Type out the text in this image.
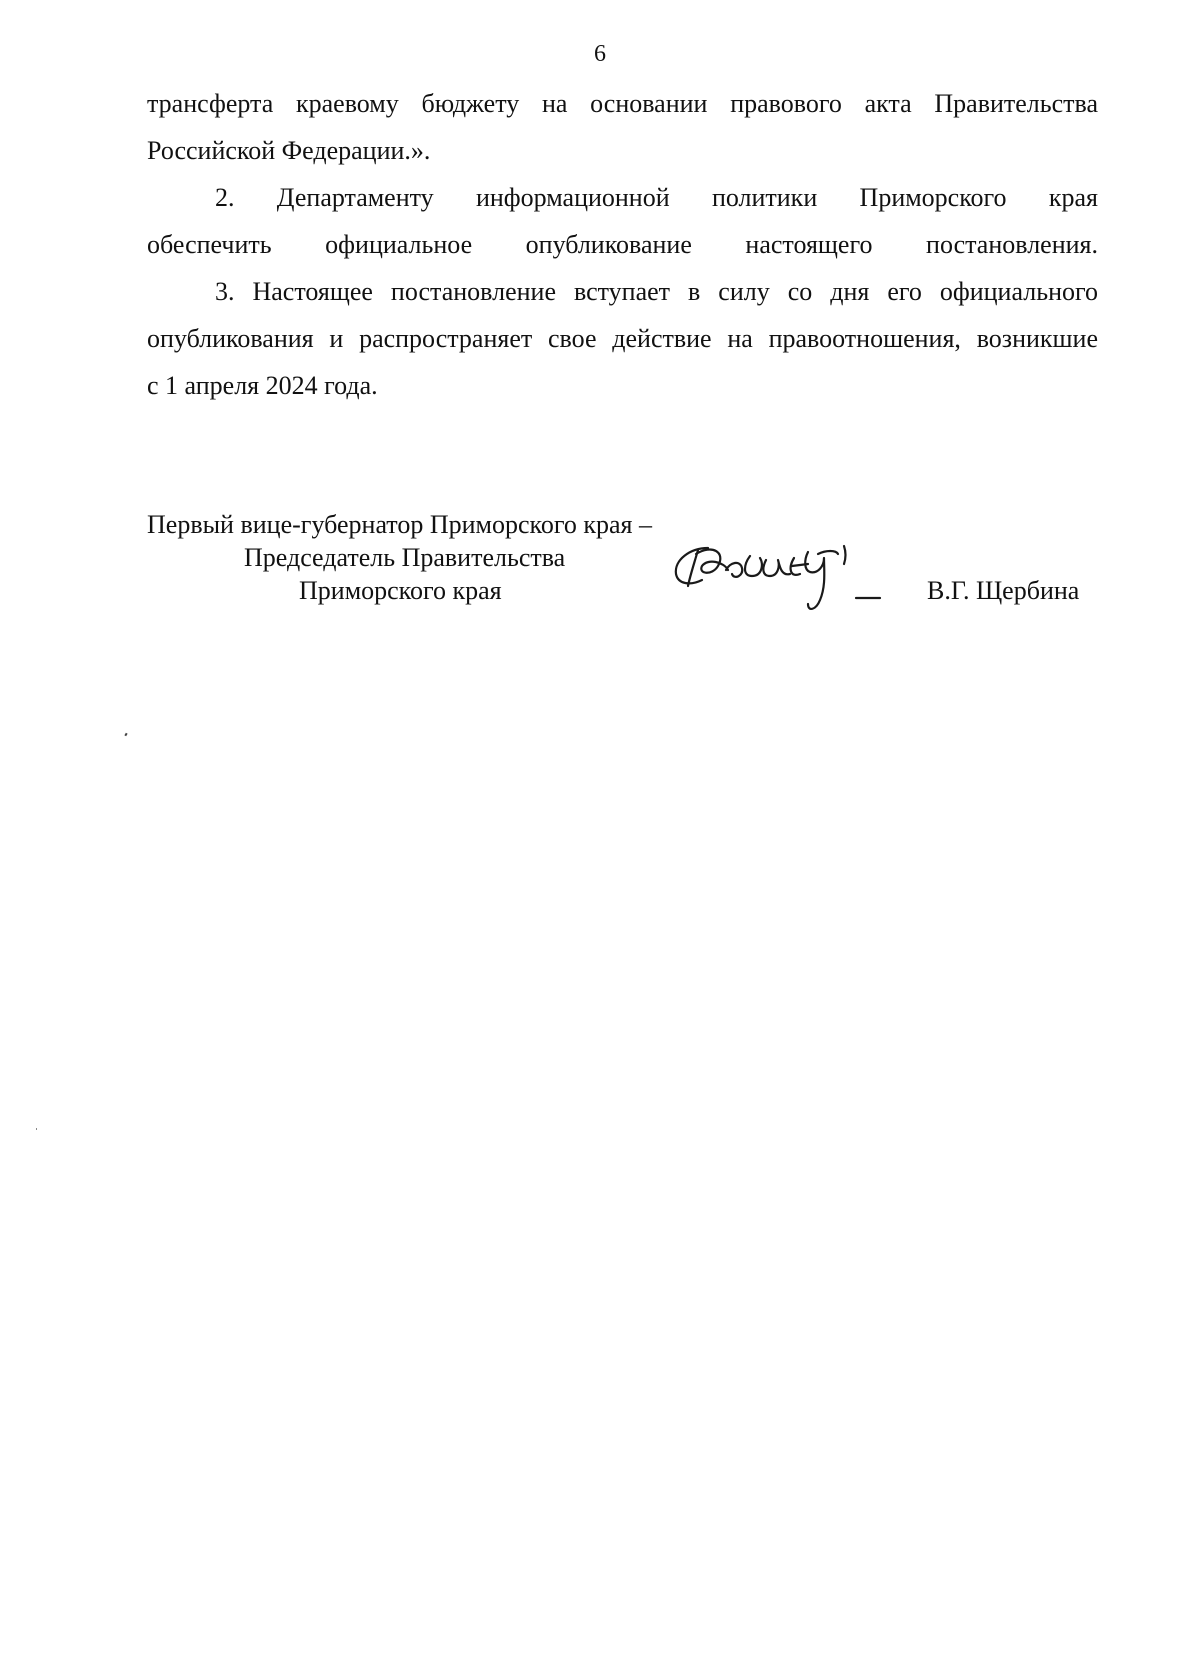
6
трансферта краевому бюджету на основании правового акта Правительства
Российской Федерации.».
2. Департаменту информационной политики Приморского края
обеспечить официальное опубликование настоящего постановления.
3. Настоящее постановление вступает в силу со дня его официального
опубликования и распространяет свое действие на правоотношения, возникшие
с 1 апреля 2024 года.
Первый вице-губернатор Приморского края –
Председатель Правительства
Приморского края	В.Г. Щербина
